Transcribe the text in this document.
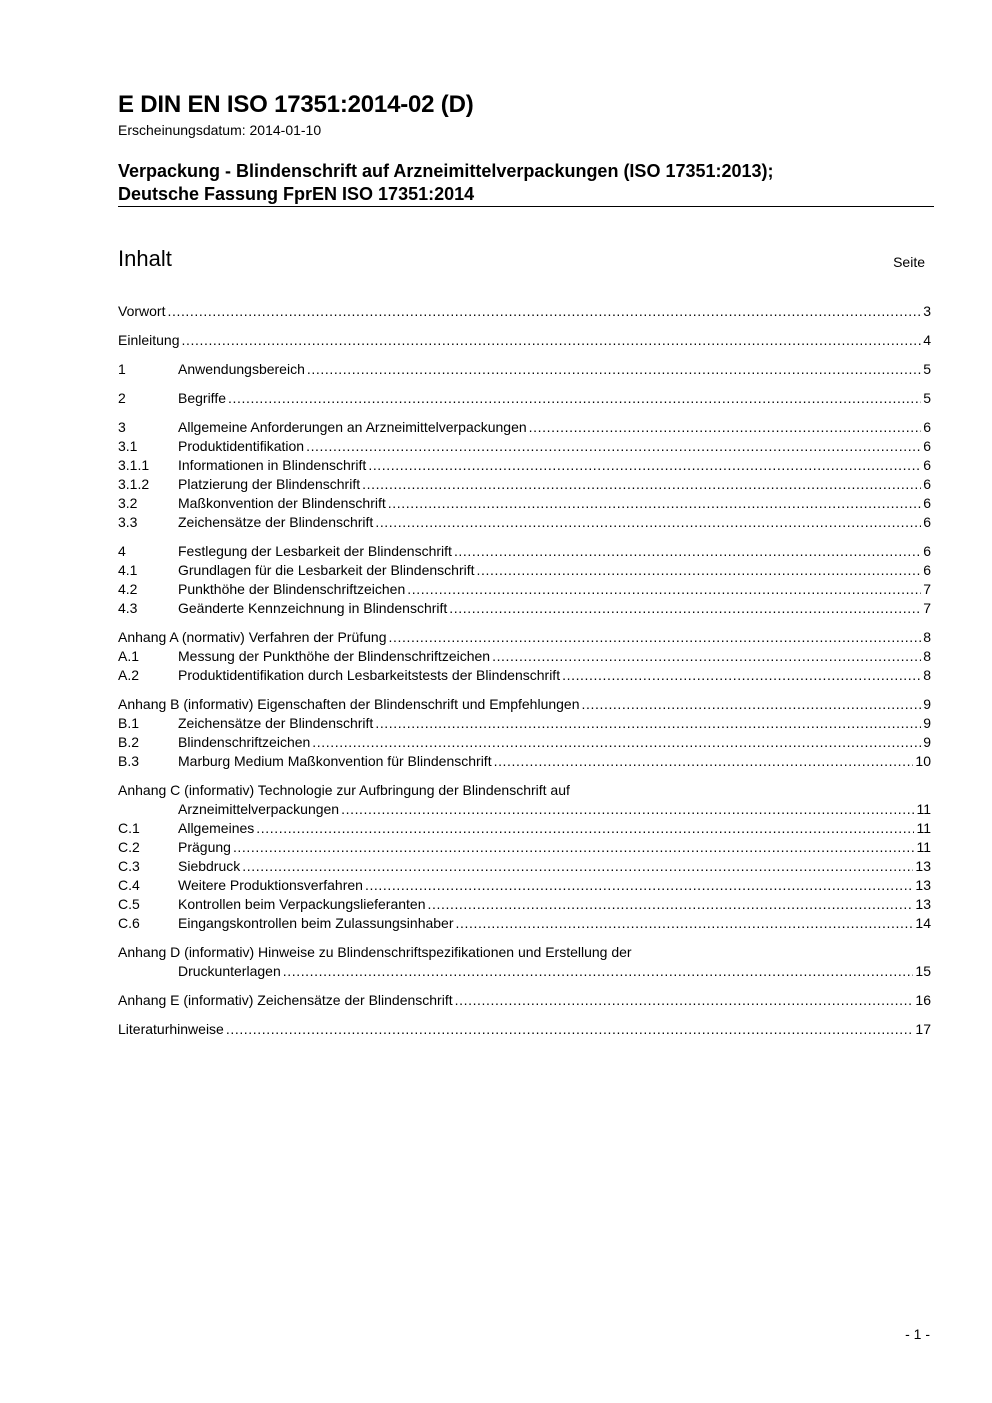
E DIN EN ISO 17351:2014-02 (D)
Erscheinungsdatum: 2014-01-10
Verpackung - Blindenschrift auf Arzneimittelverpackungen (ISO 17351:2013);
Deutsche Fassung FprEN ISO 17351:2014
Inhalt	Seite
Vorwort .....	3
Einleitung .....	4
1	Anwendungsbereich .....	5
2	Begriffe .....	5
3	Allgemeine Anforderungen an Arzneimittelverpackungen .....	6
3.1	Produktidentifikation .....	6
3.1.1	Informationen in Blindenschrift .....	6
3.1.2	Platzierung der Blindenschrift .....	6
3.2	Maßkonvention der Blindenschrift .....	6
3.3	Zeichensätze der Blindenschrift .....	6
4	Festlegung der Lesbarkeit der Blindenschrift .....	6
4.1	Grundlagen für die Lesbarkeit der Blindenschrift .....	6
4.2	Punkthöhe der Blindenschriftzeichen .....	7
4.3	Geänderte Kennzeichnung in Blindenschrift .....	7
Anhang A (normativ) Verfahren der Prüfung .....	8
A.1	Messung der Punkthöhe der Blindenschriftzeichen .....	8
A.2	Produktidentifikation durch Lesbarkeitstests der Blindenschrift .....	8
Anhang B (informativ) Eigenschaften der Blindenschrift und Empfehlungen .....	9
B.1	Zeichensätze der Blindenschrift .....	9
B.2	Blindenschriftzeichen .....	9
B.3	Marburg Medium Maßkonvention für Blindenschrift .....	10
Anhang C (informativ) Technologie zur Aufbringung der Blindenschrift auf
Arzneimittelverpackungen .....	11
C.1	Allgemeines .....	11
C.2	Prägung .....	11
C.3	Siebdruck .....	13
C.4	Weitere Produktionsverfahren .....	13
C.5	Kontrollen beim Verpackungslieferanten .....	13
C.6	Eingangskontrollen beim Zulassungsinhaber .....	14
Anhang D (informativ) Hinweise zu Blindenschriftspezifikationen und Erstellung der
Druckunterlagen .....	15
Anhang E (informativ) Zeichensätze der Blindenschrift .....	16
Literaturhinweise .....	17
- 1 -
